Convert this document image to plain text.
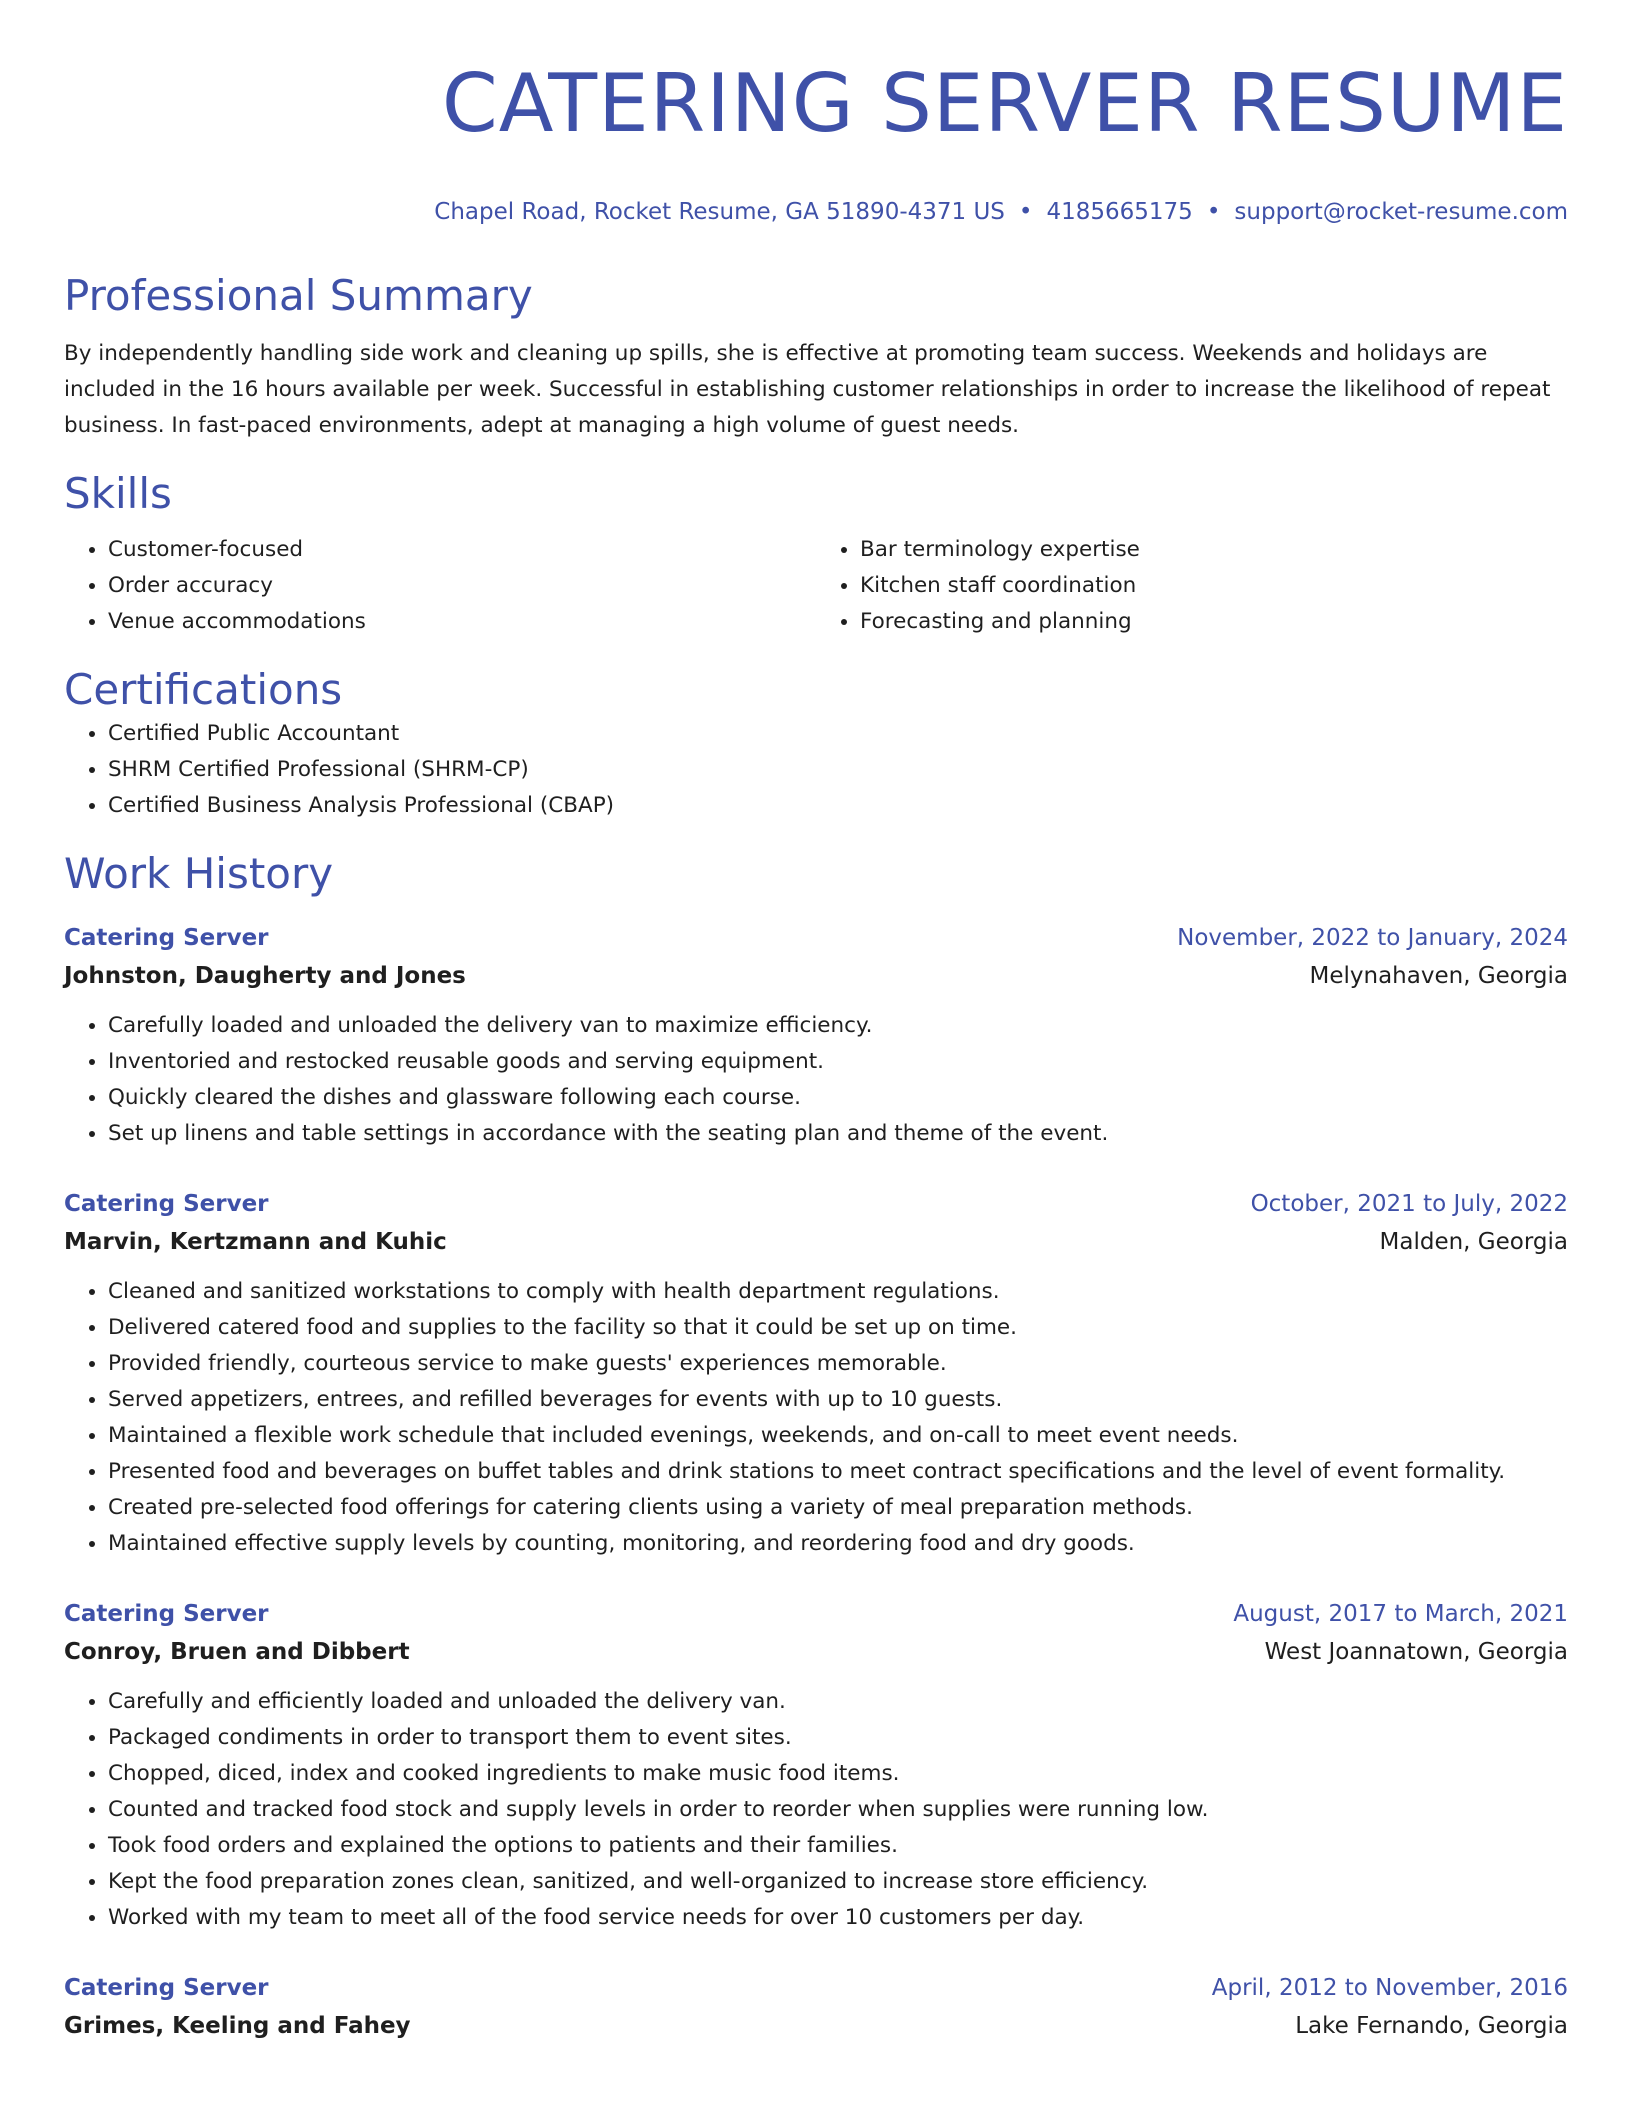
CATERING SERVER RESUME
Chapel Road, Rocket Resume, GA 51890-4371 US • 4185665175 • support@rocket-resume.com
Professional Summary
By independently handling side work and cleaning up spills, she is effective at promoting team success. Weekends and holidays are included in the 16 hours available per week. Successful in establishing customer relationships in order to increase the likelihood of repeat business. In fast-paced environments, adept at managing a high volume of guest needs.
Skills
• Customer-focused
• Order accuracy
• Venue accommodations
• Bar terminology expertise
• Kitchen staff coordination
• Forecasting and planning
Certifications
• Certified Public Accountant
• SHRM Certified Professional (SHRM-CP)
• Certified Business Analysis Professional (CBAP)
Work History
Catering Server	November, 2022 to January, 2024
Johnston, Daugherty and Jones	Melynahaven, Georgia
• Carefully loaded and unloaded the delivery van to maximize efficiency.
• Inventoried and restocked reusable goods and serving equipment.
• Quickly cleared the dishes and glassware following each course.
• Set up linens and table settings in accordance with the seating plan and theme of the event.
Catering Server	October, 2021 to July, 2022
Marvin, Kertzmann and Kuhic	Malden, Georgia
• Cleaned and sanitized workstations to comply with health department regulations.
• Delivered catered food and supplies to the facility so that it could be set up on time.
• Provided friendly, courteous service to make guests' experiences memorable.
• Served appetizers, entrees, and refilled beverages for events with up to 10 guests.
• Maintained a flexible work schedule that included evenings, weekends, and on-call to meet event needs.
• Presented food and beverages on buffet tables and drink stations to meet contract specifications and the level of event formality.
• Created pre-selected food offerings for catering clients using a variety of meal preparation methods.
• Maintained effective supply levels by counting, monitoring, and reordering food and dry goods.
Catering Server	August, 2017 to March, 2021
Conroy, Bruen and Dibbert	West Joannatown, Georgia
• Carefully and efficiently loaded and unloaded the delivery van.
• Packaged condiments in order to transport them to event sites.
• Chopped, diced, index and cooked ingredients to make music food items.
• Counted and tracked food stock and supply levels in order to reorder when supplies were running low.
• Took food orders and explained the options to patients and their families.
• Kept the food preparation zones clean, sanitized, and well-organized to increase store efficiency.
• Worked with my team to meet all of the food service needs for over 10 customers per day.
Catering Server	April, 2012 to November, 2016
Grimes, Keeling and Fahey	Lake Fernando, Georgia
